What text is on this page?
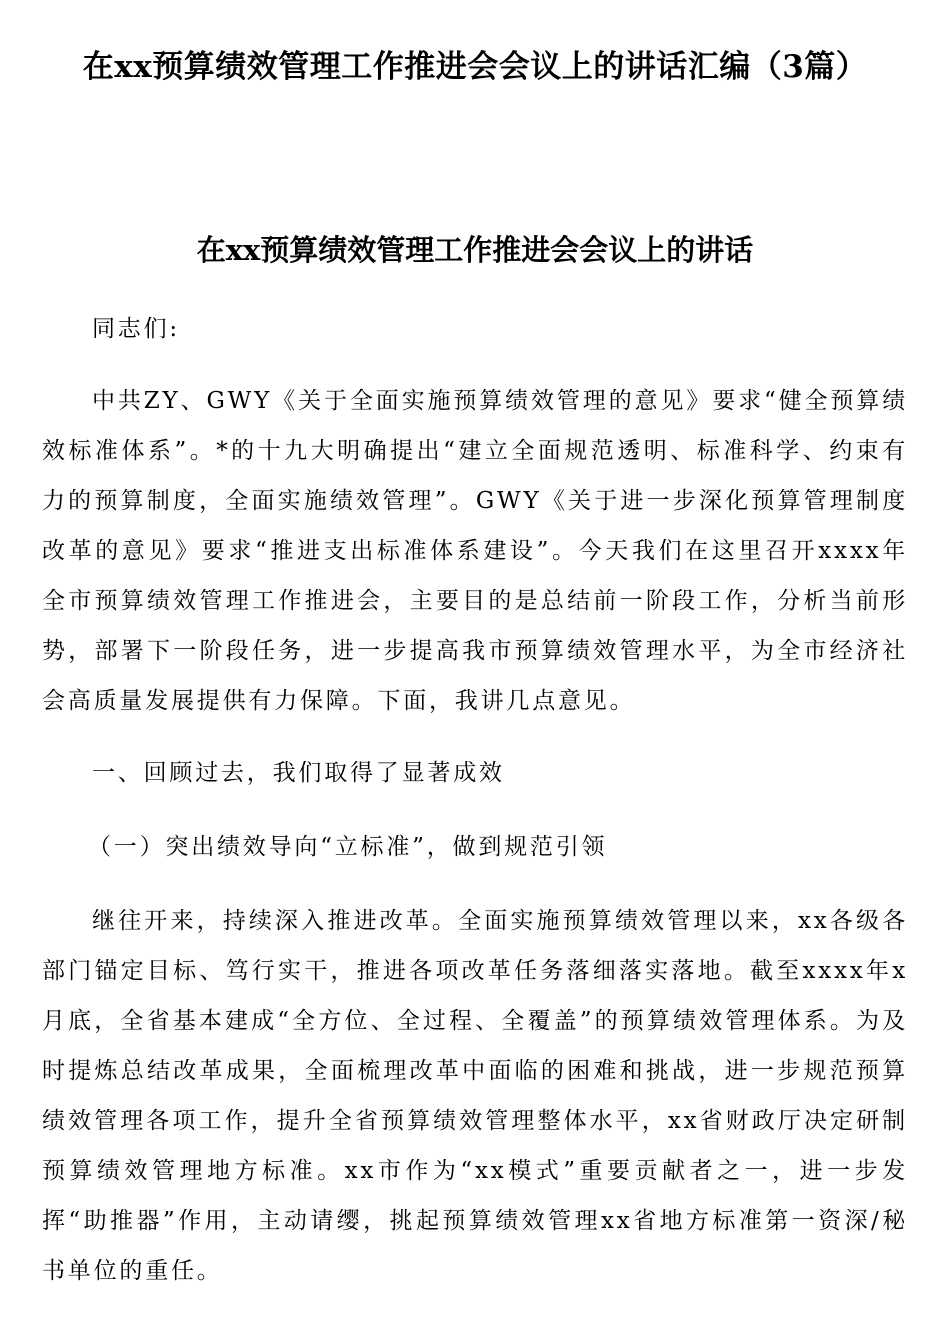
在xx预算绩效管理工作推进会会议上的讲话汇编（3篇）
在xx预算绩效管理工作推进会会议上的讲话

同志们:

中共ZY、GWY《关于全面实施预算绩效管理的意见》要求“健全预算绩效标准体系”。*的十九大明确提出“建立全面规范透明、标准科学、约束有力的预算制度，全面实施绩效管理”。GWY《关于进一步深化预算管理制度改革的意见》要求“推进支出标准体系建设”。今天我们在这里召开xxxx年全市预算绩效管理工作推进会，主要目的是总结前一阶段工作，分析当前形势，部署下一阶段任务，进一步提高我市预算绩效管理水平，为全市经济社会高质量发展提供有力保障。下面，我讲几点意见。

一、回顾过去，我们取得了显著成效

（一）突出绩效导向“立标准”，做到规范引领

继往开来，持续深入推进改革。全面实施预算绩效管理以来，xx各级各部门锚定目标、笃行实干，推进各项改革任务落细落实落地。截至xxxx年x月底，全省基本建成“全方位、全过程、全覆盖”的预算绩效管理体系。为及时提炼总结改革成果，全面梳理改革中面临的困难和挑战，进一步规范预算绩效管理各项工作，提升全省预算绩效管理整体水平，xx省财政厅决定研制预算绩效管理地方标准。xx市作为“xx模式”重要贡献者之一，进一步发挥“助推器”作用，主动请缨，挑起预算绩效管理xx省地方标准第一资深/秘书单位的重任。
